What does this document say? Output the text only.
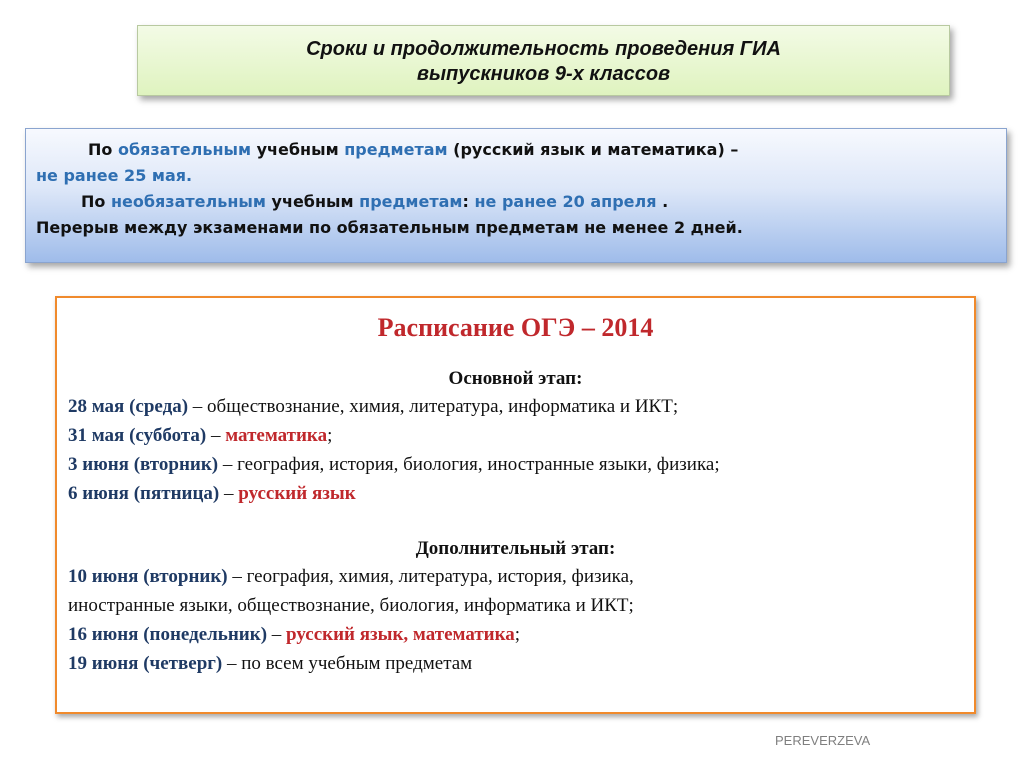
Сроки и продолжительность проведения ГИА
выпускников 9-х классов
По обязательным учебным предметам (русский язык и математика) –
не ранее 25 мая.
По необязательным учебным предметам: не ранее 20 апреля .
Перерыв между экзаменами по обязательным предметам не менее 2 дней.
Расписание ОГЭ – 2014
Основной этап:
28 мая (среда) – обществознание, химия, литература, информатика и ИКТ;
31 мая (суббота) – математика;
3 июня (вторник) – география, история, биология, иностранные языки, физика;
6 июня (пятница) – русский язык
Дополнительный этап:
10 июня (вторник) – география, химия, литература, история, физика,
иностранные языки, обществознание, биология, информатика и ИКТ;
16 июня (понедельник) – русский язык, математика;
19 июня (четверг) – по всем учебным предметам
PEREVERZEVA
